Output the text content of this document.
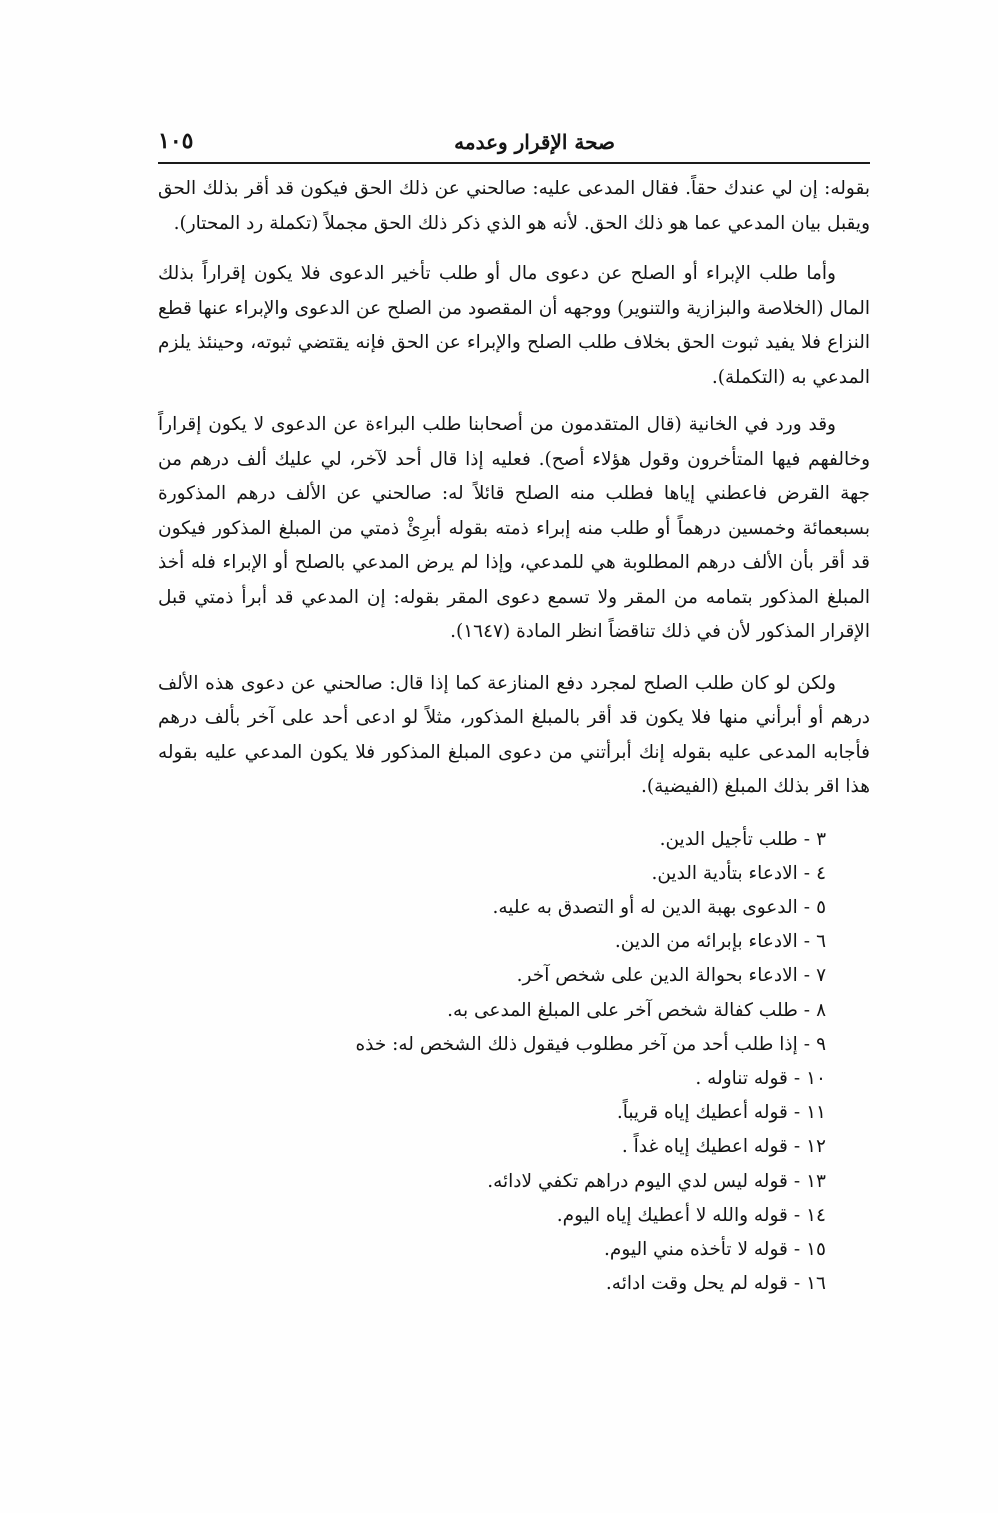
صحة الإقرار وعدمه
١٠٥

بقوله: إن لي عندك حقاً. فقال المدعى عليه: صالحني عن ذلك الحق فيكون قد أقر بذلك الحق ويقبل بيان المدعي عما هو ذلك الحق. لأنه هو الذي ذكر ذلك الحق مجملاً (تكملة رد المحتار).

وأما طلب الإبراء أو الصلح عن دعوى مال أو طلب تأخير الدعوى فلا يكون إقراراً بذلك المال (الخلاصة والبزازية والتنوير) ووجهه أن المقصود من الصلح عن الدعوى والإبراء عنها قطع النزاع فلا يفيد ثبوت الحق بخلاف طلب الصلح والإبراء عن الحق فإنه يقتضي ثبوته، وحينئذ يلزم المدعي به (التكملة).

وقد ورد في الخانية (قال المتقدمون من أصحابنا طلب البراءة عن الدعوى لا يكون إقراراً وخالفهم فيها المتأخرون وقول هؤلاء أصح). فعليه إذا قال أحد لآخر، لي عليك ألف درهم من جهة القرض فاعطني إياها فطلب منه الصلح قائلاً له: صالحني عن الألف درهم المذكورة بسبعمائة وخمسين درهماً أو طلب منه إبراء ذمته بقوله أبرِئْ ذمتي من المبلغ المذكور فيكون قد أقر بأن الألف درهم المطلوبة هي للمدعي، وإذا لم يرض المدعي بالصلح أو الإبراء فله أخذ المبلغ المذكور بتمامه من المقر ولا تسمع دعوى المقر بقوله: إن المدعي قد أبرأ ذمتي قبل الإقرار المذكور لأن في ذلك تناقضاً انظر المادة (١٦٤٧).

ولكن لو كان طلب الصلح لمجرد دفع المنازعة كما إذا قال: صالحني عن دعوى هذه الألف درهم أو أبرأني منها فلا يكون قد أقر بالمبلغ المذكور، مثلاً لو ادعى أحد على آخر بألف درهم فأجابه المدعى عليه بقوله إنك أبرأتني من دعوى المبلغ المذكور فلا يكون المدعي عليه بقوله هذا اقر بذلك المبلغ (الفيضية).

٣-طلب تأجيل الدين.
٤-الادعاء بتأدية الدين.
٥-الدعوى بهبة الدين له أو التصدق به عليه.
٦-الادعاء بإبرائه من الدين.
٧-الادعاء بحوالة الدين على شخص آخر.
٨-طلب كفالة شخص آخر على المبلغ المدعى به.
٩-إذا طلب أحد من آخر مطلوب فيقول ذلك الشخص له: خذه
١٠-قوله تناوله .
١١-قوله أعطيك إياه قريباً.
١٢-قوله اعطيك إياه غداً .
١٣-قوله ليس لدي اليوم دراهم تكفي لادائه.
١٤-قوله والله لا أعطيك إياه اليوم.
١٥-قوله لا تأخذه مني اليوم.
١٦-قوله لم يحل وقت ادائه.
